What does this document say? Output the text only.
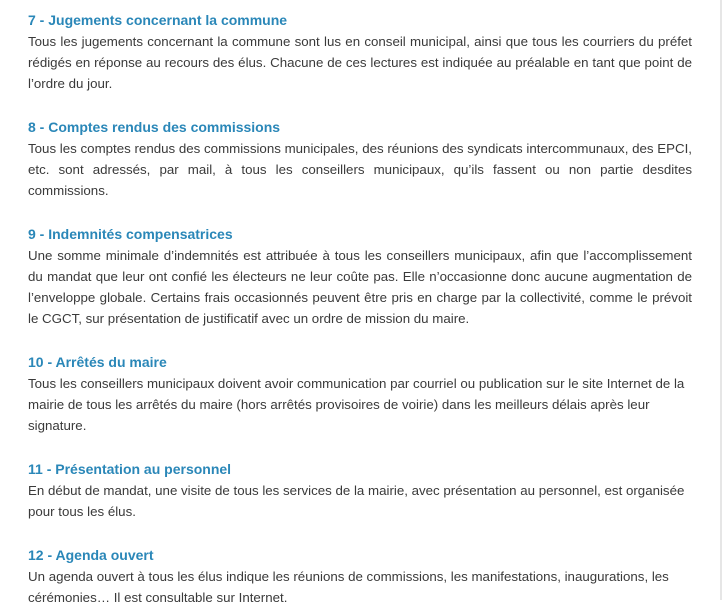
7 - Jugements concernant la commune

Tous les jugements concernant la commune sont lus en conseil municipal, ainsi que tous les courriers du préfet rédigés en réponse au recours des élus. Chacune de ces lectures est indiquée au préalable en tant que point de l’ordre du jour.

8 - Comptes rendus des commissions

Tous les comptes rendus des commissions municipales, des réunions des syndicats intercommunaux, des EPCI, etc. sont adressés, par mail, à tous les conseillers municipaux, qu’ils fassent ou non partie desdites commissions.

9 - Indemnités compensatrices

Une somme minimale d’indemnités est attribuée à tous les conseillers municipaux, afin que l’accomplissement du mandat que leur ont confié les électeurs ne leur coûte pas. Elle n’occasionne donc aucune augmentation de l’enveloppe globale. Certains frais occasionnés peuvent être pris en charge par la collectivité, comme le prévoit le CGCT, sur présentation de justificatif avec un ordre de mission du maire.

10 - Arrêtés du maire

Tous les conseillers municipaux doivent avoir communication par courriel ou publication sur le site Internet de la mairie de tous les arrêtés du maire (hors arrêtés provisoires de voirie) dans les meilleurs délais après leur signature.

11 - Présentation au personnel

En début de mandat, une visite de tous les services de la mairie, avec présentation au personnel, est organisée pour tous les élus.

12 - Agenda ouvert

Un agenda ouvert à tous les élus indique les réunions de commissions, les manifestations, inaugurations, les cérémonies… Il est consultable sur Internet.
